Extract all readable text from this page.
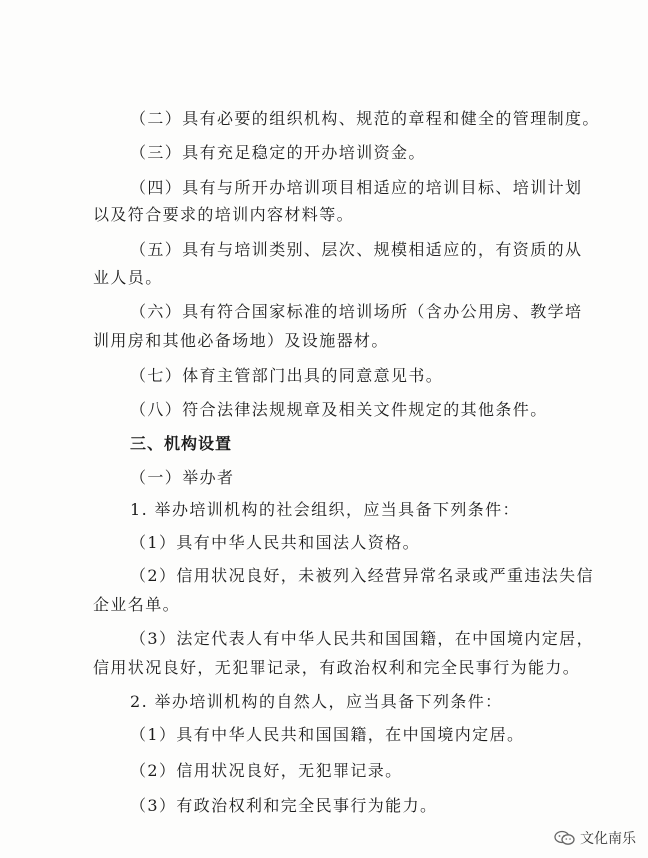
（二）具有必要的组织机构、规范的章程和健全的管理制度。
（三）具有充足稳定的开办培训资金。
（四）具有与所开办培训项目相适应的培训目标、培训计划
以及符合要求的培训内容材料等。
（五）具有与培训类别、层次、规模相适应的，有资质的从
业人员。
（六）具有符合国家标准的培训场所（含办公用房、教学培
训用房和其他必备场地）及设施器材。
（七）体育主管部门出具的同意意见书。
（八）符合法律法规规章及相关文件规定的其他条件。
三、机构设置
（一）举办者
1. 举办培训机构的社会组织，应当具备下列条件：
（1）具有中华人民共和国法人资格。
（2）信用状况良好，未被列入经营异常名录或严重违法失信
企业名单。
（3）法定代表人有中华人民共和国国籍，在中国境内定居，
信用状况良好，无犯罪记录，有政治权利和完全民事行为能力。
2. 举办培训机构的自然人，应当具备下列条件：
（1）具有中华人民共和国国籍，在中国境内定居。
（2）信用状况良好，无犯罪记录。
（3）有政治权利和完全民事行为能力。
文化南乐
